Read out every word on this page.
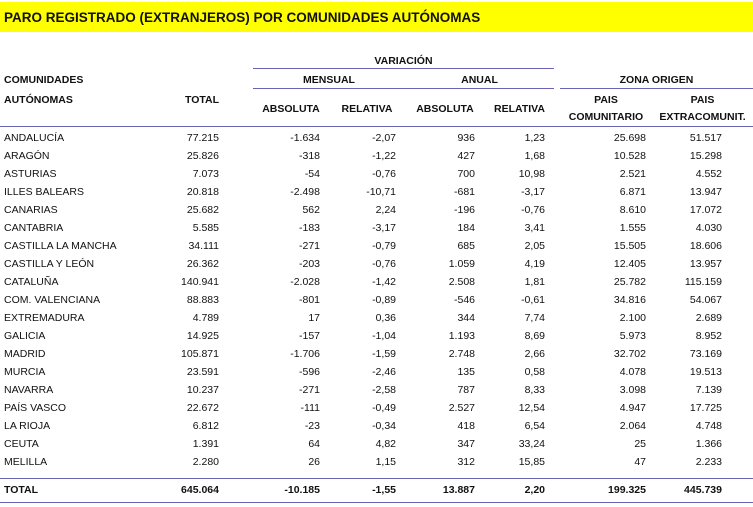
PARO REGISTRADO (EXTRANJEROS) POR COMUNIDADES AUTÓNOMAS
VARIACIÓN
COMUNIDADES
AUTÓNOMAS	TOTAL
MENSUAL	ANUAL	ZONA ORIGEN
ABSOLUTA	RELATIVA	ABSOLUTA	RELATIVA
PAIS
COMUNITARIO
PAIS
EXTRACOMUNIT.
ANDALUCÍA	77.215	-1.634	-2,07	936	1,23	25.698	51.517
ARAGÓN	25.826	-318	-1,22	427	1,68	10.528	15.298
ASTURIAS	7.073	-54	-0,76	700	10,98	2.521	4.552
ILLES BALEARS	20.818	-2.498	-10,71	-681	-3,17	6.871	13.947
CANARIAS	25.682	562	2,24	-196	-0,76	8.610	17.072
CANTABRIA	5.585	-183	-3,17	184	3,41	1.555	4.030
CASTILLA LA MANCHA	34.111	-271	-0,79	685	2,05	15.505	18.606
CASTILLA Y LEÓN	26.362	-203	-0,76	1.059	4,19	12.405	13.957
CATALUÑA	140.941	-2.028	-1,42	2.508	1,81	25.782	115.159
COM. VALENCIANA	88.883	-801	-0,89	-546	-0,61	34.816	54.067
EXTREMADURA	4.789	17	0,36	344	7,74	2.100	2.689
GALICIA	14.925	-157	-1,04	1.193	8,69	5.973	8.952
MADRID	105.871	-1.706	-1,59	2.748	2,66	32.702	73.169
MURCIA	23.591	-596	-2,46	135	0,58	4.078	19.513
NAVARRA	10.237	-271	-2,58	787	8,33	3.098	7.139
PAÍS VASCO	22.672	-111	-0,49	2.527	12,54	4.947	17.725
LA RIOJA	6.812	-23	-0,34	418	6,54	2.064	4.748
CEUTA	1.391	64	4,82	347	33,24	25	1.366
MELILLA	2.280	26	1,15	312	15,85	47	2.233
TOTAL	645.064	-10.185	-1,55	13.887	2,20	199.325	445.739
